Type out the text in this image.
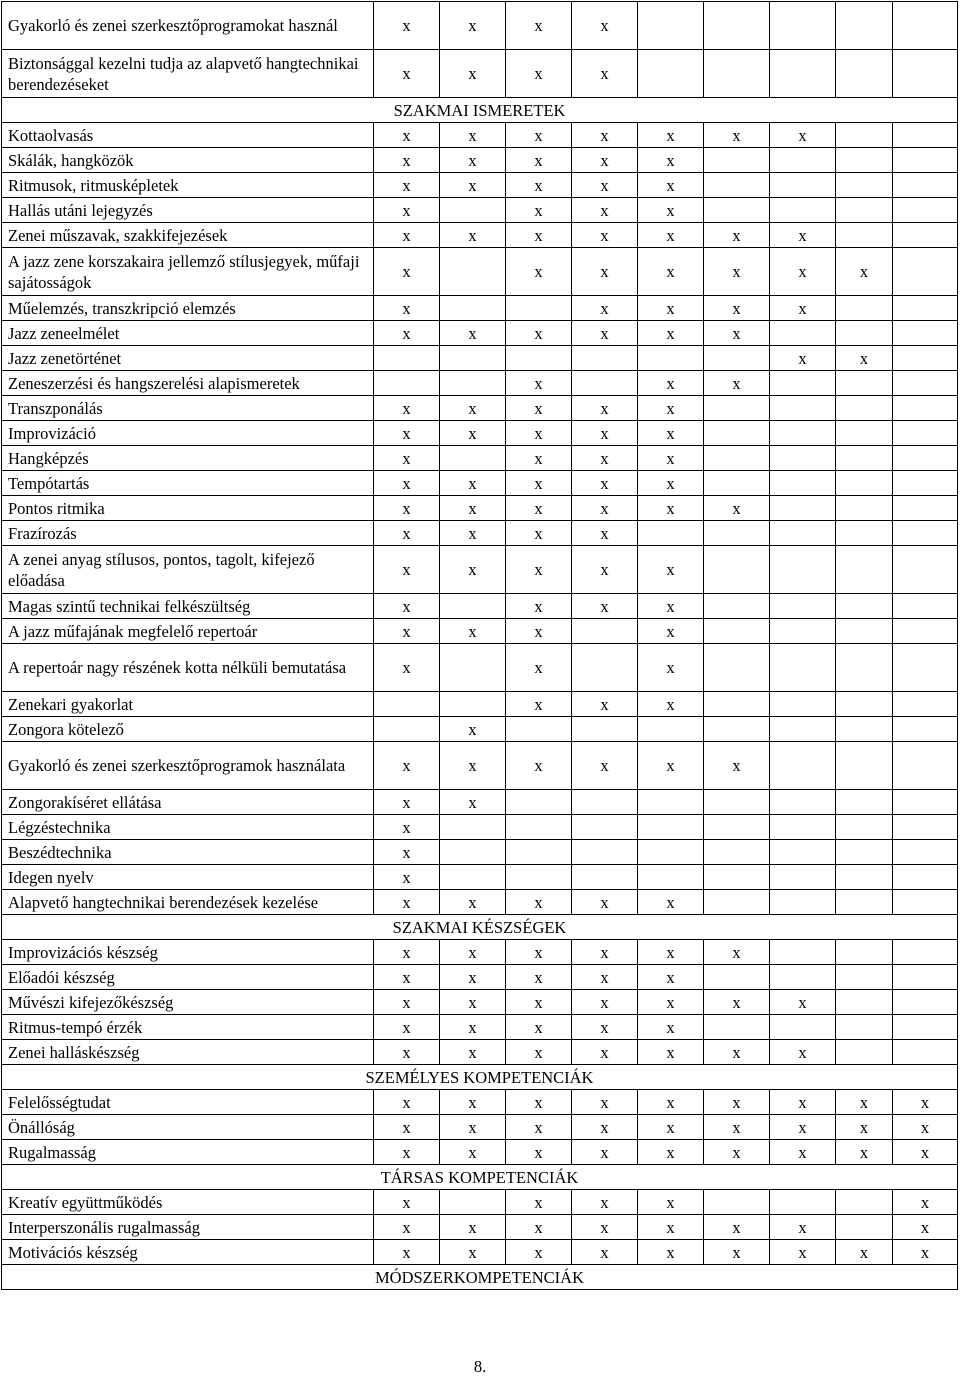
Gyakorló és zenei szerkesztőprogramokat használ	x	x	x	x					
Biztonsággal kezelni tudja az alapvető hangtechnikai berendezéseket	x	x	x	x					
SZAKMAI ISMERETEK									
Kottaolvasás	x	x	x	x	x	x	x		
Skálák, hangközök	x	x	x	x	x				
Ritmusok, ritmusképletek	x	x	x	x	x				
Hallás utáni lejegyzés	x		x	x	x				
Zenei műszavak, szakkifejezések	x	x	x	x	x	x	x		
A jazz zene korszakaira jellemző stílusjegyek, műfaji sajátosságok	x		x	x	x	x	x	x	
Műelemzés, transzkripció elemzés	x			x	x	x	x		
Jazz zeneelmélet	x	x	x	x	x	x			
Jazz zenetörténet							x	x	
Zeneszerzési és hangszerelési alapismeretek			x		x	x			
Transzponálás	x	x	x	x	x				
Improvizáció	x	x	x	x	x				
Hangképzés	x		x	x	x				
Tempótartás	x	x	x	x	x				
Pontos ritmika	x	x	x	x	x	x			
Frazírozás	x	x	x	x					
A zenei anyag stílusos, pontos, tagolt, kifejező előadása	x	x	x	x	x				
Magas szintű technikai felkészültség	x		x	x	x				
A jazz műfajának megfelelő repertoár	x	x	x		x				
A repertoár nagy részének kotta nélküli bemutatása	x		x		x				
Zenekari gyakorlat			x	x	x				
Zongora kötelező		x							
Gyakorló és zenei szerkesztőprogramok használata	x	x	x	x	x	x			
Zongorakíséret ellátása	x	x							
Légzéstechnika	x								
Beszédtechnika	x								
Idegen nyelv	x								
Alapvető hangtechnikai berendezések kezelése	x	x	x	x	x				
SZAKMAI KÉSZSÉGEK									
Improvizációs készség	x	x	x	x	x	x			
Előadói készség	x	x	x	x	x				
Művészi kifejezőkészség	x	x	x	x	x	x	x		
Ritmus-tempó érzék	x	x	x	x	x				
Zenei halláskészség	x	x	x	x	x	x	x		
SZEMÉLYES KOMPETENCIÁK									
Felelősségtudat	x	x	x	x	x	x	x	x	x
Önállóság	x	x	x	x	x	x	x	x	x
Rugalmasság	x	x	x	x	x	x	x	x	x
TÁRSAS KOMPETENCIÁK									
Kreatív együttműködés	x		x	x	x				x
Interperszonális rugalmasság	x	x	x	x	x	x	x		x
Motivációs készség	x	x	x	x	x	x	x	x	x
MÓDSZERKOMPETENCIÁK									
8.
